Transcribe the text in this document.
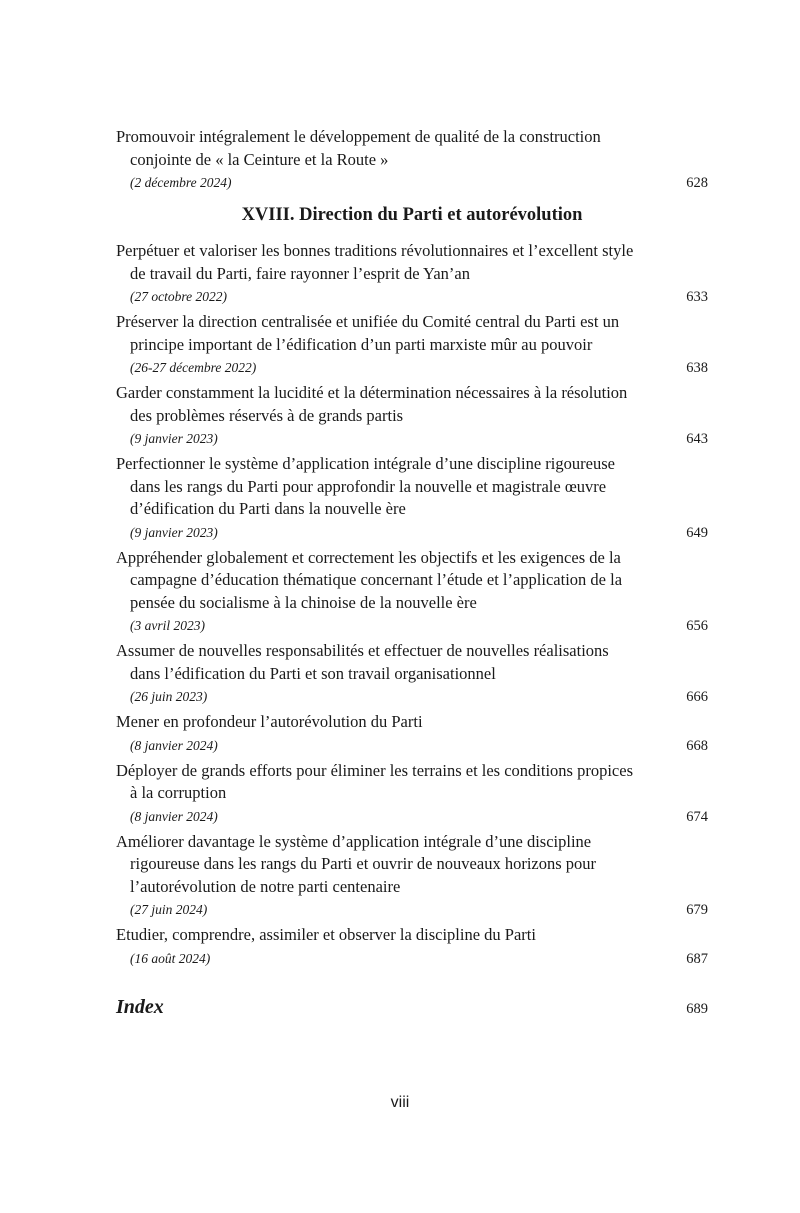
Promouvoir intégralement le développement de qualité de la construction conjointe de « la Ceinture et la Route »
(2 décembre 2024)	628
XVIII. Direction du Parti et autorévolution
Perpétuer et valoriser les bonnes traditions révolutionnaires et l’excellent style de travail du Parti, faire rayonner l’esprit de Yan’an
(27 octobre 2022)	633
Préserver la direction centralisée et unifiée du Comité central du Parti est un principe important de l’édification d’un parti marxiste mûr au pouvoir
(26-27 décembre 2022)	638
Garder constamment la lucidité et la détermination nécessaires à la résolution des problèmes réservés à de grands partis
(9 janvier 2023)	643
Perfectionner le système d’application intégrale d’une discipline rigoureuse dans les rangs du Parti pour approfondir la nouvelle et magistrale œuvre d’édification du Parti dans la nouvelle ère
(9 janvier 2023)	649
Appréhender globalement et correctement les objectifs et les exigences de la campagne d’éducation thématique concernant l’étude et l’application de la pensée du socialisme à la chinoise de la nouvelle ère
(3 avril 2023)	656
Assumer de nouvelles responsabilités et effectuer de nouvelles réalisations dans l’édification du Parti et son travail organisationnel
(26 juin 2023)	666
Mener en profondeur l’autorévolution du Parti
(8 janvier 2024)	668
Déployer de grands efforts pour éliminer les terrains et les conditions propices à la corruption
(8 janvier 2024)	674
Améliorer davantage le système d’application intégrale d’une discipline rigoureuse dans les rangs du Parti et ouvrir de nouveaux horizons pour l’autorévolution de notre parti centenaire
(27 juin 2024)	679
Etudier, comprendre, assimiler et observer la discipline du Parti
(16 août 2024)	687
Index	689
viii
